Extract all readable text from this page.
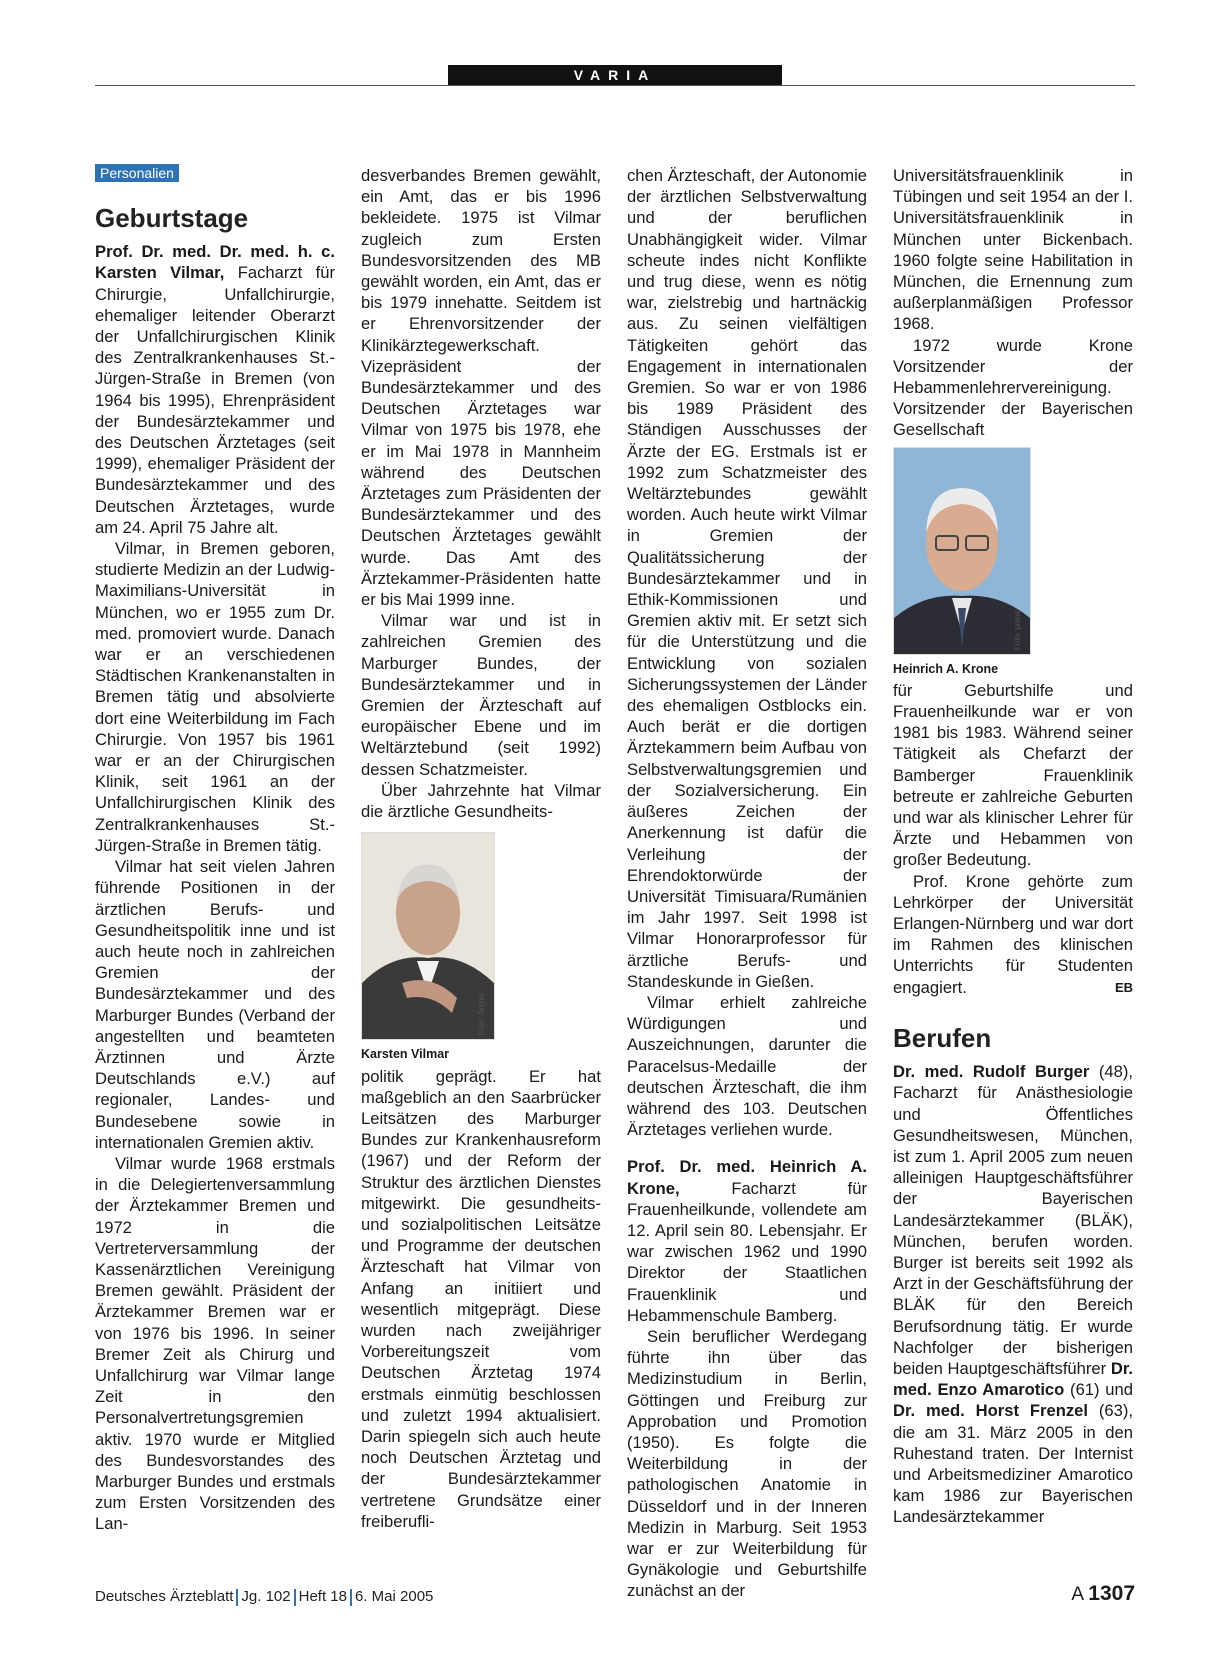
VARIA
Personalien
Geburtstage

Prof. Dr. med. Dr. med. h. c. Karsten Vilmar, Facharzt für Chirurgie, Unfallchirurgie, ehemaliger leitender Oberarzt der Unfallchirurgischen Klinik des Zentralkrankenhauses St.-Jürgen-Straße in Bremen (von 1964 bis 1995), Ehrenpräsident der Bundesärztekammer und des Deutschen Ärztetages (seit 1999), ehemaliger Präsident der Bundesärztekammer und des Deutschen Ärztetages, wurde am 24. April 75 Jahre alt.

Vilmar, in Bremen geboren, studierte Medizin an der Ludwig-Maximilians-Universität in München, wo er 1955 zum Dr. med. promoviert wurde. Danach war er an verschiedenen Städtischen Krankenanstalten in Bremen tätig und absolvierte dort eine Weiterbildung im Fach Chirurgie. Von 1957 bis 1961 war er an der Chirurgischen Klinik, seit 1961 an der Unfallchirurgischen Klinik des Zentralkrankenhauses St.-Jürgen-Straße in Bremen tätig.

Vilmar hat seit vielen Jahren führende Positionen in der ärztlichen Berufs- und Gesundheitspolitik inne und ist auch heute noch in zahlreichen Gremien der Bundesärztekammer und des Marburger Bundes (Verband der angestellten und beamteten Ärztinnen und Ärzte Deutschlands e.V.) auf regionaler, Landes- und Bundesebene sowie in internationalen Gremien aktiv.

Vilmar wurde 1968 erstmals in die Delegiertenversammlung der Ärztekammer Bremen und 1972 in die Vertreterversammlung der Kassenärztlichen Vereinigung Bremen gewählt. Präsident der Ärztekammer Bremen war er von 1976 bis 1996. In seiner Bremer Zeit als Chirurg und Unfallchirurg war Vilmar lange Zeit in den Personalvertretungsgremien aktiv. 1970 wurde er Mitglied des Bundesvorstandes des Marburger Bundes und erstmals zum Ersten Vorsitzenden des Lan-

desverbandes Bremen gewählt, ein Amt, das er bis 1996 bekleidete. 1975 ist Vilmar zugleich zum Ersten Bundesvorsitzenden des MB gewählt worden, ein Amt, das er bis 1979 innehatte. Seitdem ist er Ehrenvorsitzender der Klinikärztegewerkschaft. Vizepräsident der Bundesärztekammer und des Deutschen Ärztetages war Vilmar von 1975 bis 1978, ehe er im Mai 1978 in Mannheim während des Deutschen Ärztetages zum Präsidenten der Bundesärztekammer und des Deutschen Ärztetages gewählt wurde. Das Amt des Ärztekammer-Präsidenten hatte er bis Mai 1999 inne.

Vilmar war und ist in zahlreichen Gremien des Marburger Bundes, der Bundesärztekammer und in Gremien der Ärzteschaft auf europäischer Ebene und im Weltärztebund (seit 1992) dessen Schatzmeister.

Über Jahrzehnte hat Vilmar die ärztliche Gesundheits-

Foto: Archiv

Karsten Vilmar

politik geprägt. Er hat maßgeblich an den Saarbrücker Leitsätzen des Marburger Bundes zur Krankenhausreform (1967) und der Reform der Struktur des ärztlichen Dienstes mitgewirkt. Die gesundheits- und sozialpolitischen Leitsätze und Programme der deutschen Ärzteschaft hat Vilmar von Anfang an initiiert und wesentlich mitgeprägt. Diese wurden nach zweijähriger Vorbereitungszeit vom Deutschen Ärztetag 1974 erstmals einmütig beschlossen und zuletzt 1994 aktualisiert. Darin spiegeln sich auch heute noch Deutschen Ärztetag und der Bundesärztekammer vertretene Grundsätze einer freiberufli-

chen Ärzteschaft, der Autonomie der ärztlichen Selbstverwaltung und der beruflichen Unabhängigkeit wider. Vilmar scheute indes nicht Konflikte und trug diese, wenn es nötig war, zielstrebig und hartnäckig aus. Zu seinen vielfältigen Tätigkeiten gehört das Engagement in internationalen Gremien. So war er von 1986 bis 1989 Präsident des Ständigen Ausschusses der Ärzte der EG. Erstmals ist er 1992 zum Schatzmeister des Weltärztebundes gewählt worden. Auch heute wirkt Vilmar in Gremien der Qualitätssicherung der Bundesärztekammer und in Ethik-Kommissionen und Gremien aktiv mit. Er setzt sich für die Unterstützung und die Entwicklung von sozialen Sicherungssystemen der Länder des ehemaligen Ostblocks ein. Auch berät er die dortigen Ärztekammern beim Aufbau von Selbstverwaltungsgremien und der Sozialversicherung. Ein äußeres Zeichen der Anerkennung ist dafür die Verleihung der Ehrendoktorwürde der Universität Timisuara/Rumänien im Jahr 1997. Seit 1998 ist Vilmar Honorarprofessor für ärztliche Berufs- und Standeskunde in Gießen.

Vilmar erhielt zahlreiche Würdigungen und Auszeichnungen, darunter die Paracelsus-Medaille der deutschen Ärzteschaft, die ihm während des 103. Deutschen Ärztetages verliehen wurde.

Prof. Dr. med. Heinrich A. Krone, Facharzt für Frauenheilkunde, vollendete am 12. April sein 80. Lebensjahr. Er war zwischen 1962 und 1990 Direktor der Staatlichen Frauenklinik und Hebammenschule Bamberg.

Sein beruflicher Werdegang führte ihn über das Medizinstudium in Berlin, Göttingen und Freiburg zur Approbation und Promotion (1950). Es folgte die Weiterbildung in der pathologischen Anatomie in Düsseldorf und in der Inneren Medizin in Marburg. Seit 1953 war er zur Weiterbildung für Gynäkologie und Geburtshilfe zunächst an der

Universitätsfrauenklinik in Tübingen und seit 1954 an der I. Universitätsfrauenklinik in München unter Bickenbach. 1960 folgte seine Habilitation in München, die Ernennung zum außerplanmäßigen Professor 1968.

1972 wurde Krone Vorsitzender der Hebammenlehrervereinigung. Vorsitzender der Bayerischen Gesellschaft

Foto: privat

Heinrich A. Krone

für Geburtshilfe und Frauenheilkunde war er von 1981 bis 1983. Während seiner Tätigkeit als Chefarzt der Bamberger Frauenklinik betreute er zahlreiche Geburten und war als klinischer Lehrer für Ärzte und Hebammen von großer Bedeutung.

Prof. Krone gehörte zum Lehrkörper der Universität Erlangen-Nürnberg und war dort im Rahmen des klinischen Unterrichts für Studenten engagiert.	EB

Berufen

Dr. med. Rudolf Burger (48), Facharzt für Anästhesiologie und Öffentliches Gesundheitswesen, München, ist zum 1. April 2005 zum neuen alleinigen Hauptgeschäftsführer der Bayerischen Landesärztekammer (BLÄK), München, berufen worden. Burger ist bereits seit 1992 als Arzt in der Geschäftsführung der BLÄK für den Bereich Berufsordnung tätig. Er wurde Nachfolger der bisherigen beiden Hauptgeschäftsführer Dr. med. Enzo Amarotico (61) und Dr. med. Horst Frenzel (63), die am 31. März 2005 in den Ruhestand traten. Der Internist und Arbeitsmediziner Amarotico kam 1986 zur Bayerischen Landesärztekammer

Deutsches Ärzteblatt Jg. 102 Heft 18 6. Mai 2005	A 1307
